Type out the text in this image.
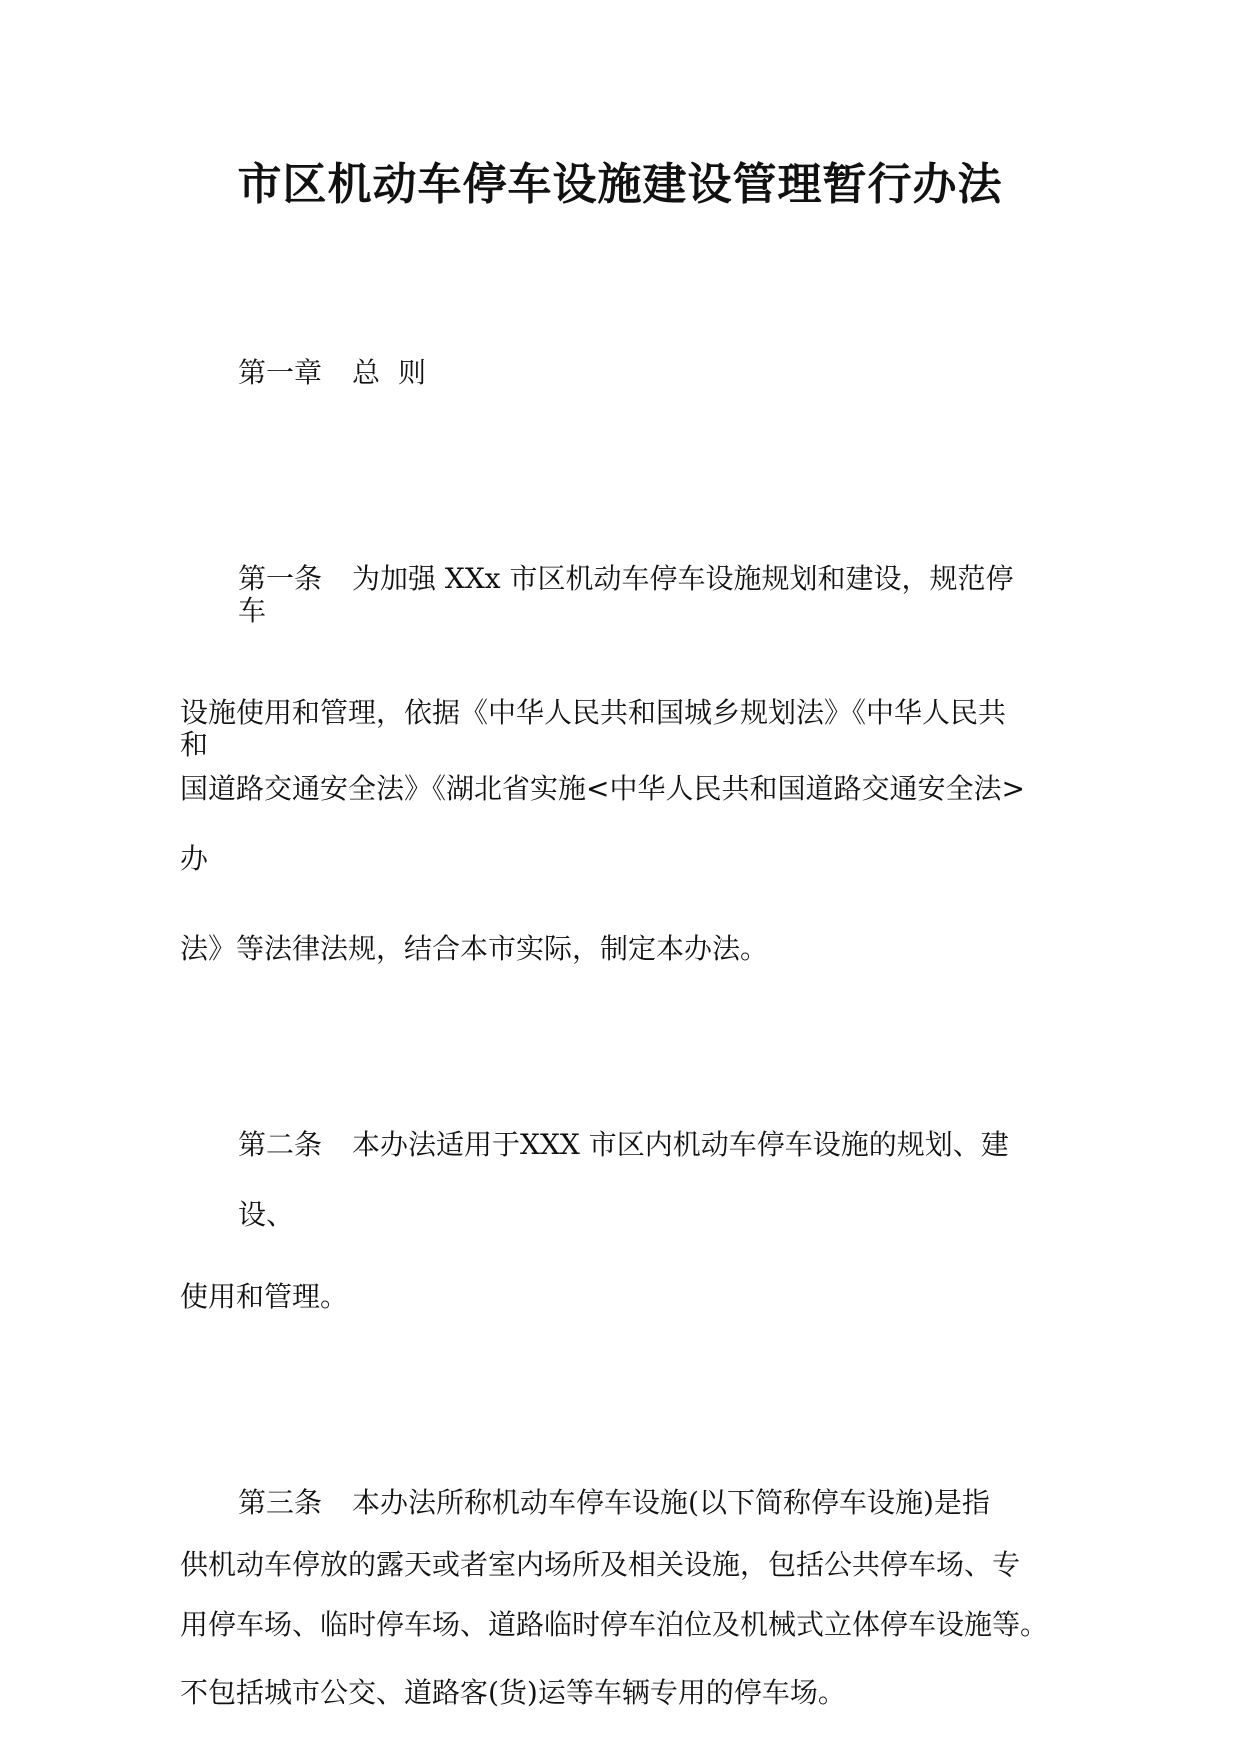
市区机动车停车设施建设管理暂行办法

第一章 总 则

第一条 为加强 XXx 市区机动车停车设施规划和建设，规范停

车

设施使用和管理，依据《中华人民共和国城乡规划法》《中华人民共

和

国道路交通安全法》《湖北省实施<中华人民共和国道路交通安全法>

办

法》等法律法规，结合本市实际，制定本办法。

第二条 本办法适用于XXX 市区内机动车停车设施的规划、建

设、

使用和管理。

第三条 本办法所称机动车停车设施(以下简称停车设施)是指

供机动车停放的露天或者室内场所及相关设施，包括公共停车场、专

用停车场、临时停车场、道路临时停车泊位及机械式立体停车设施等。

不包括城市公交、道路客(货)运等车辆专用的停车场。
